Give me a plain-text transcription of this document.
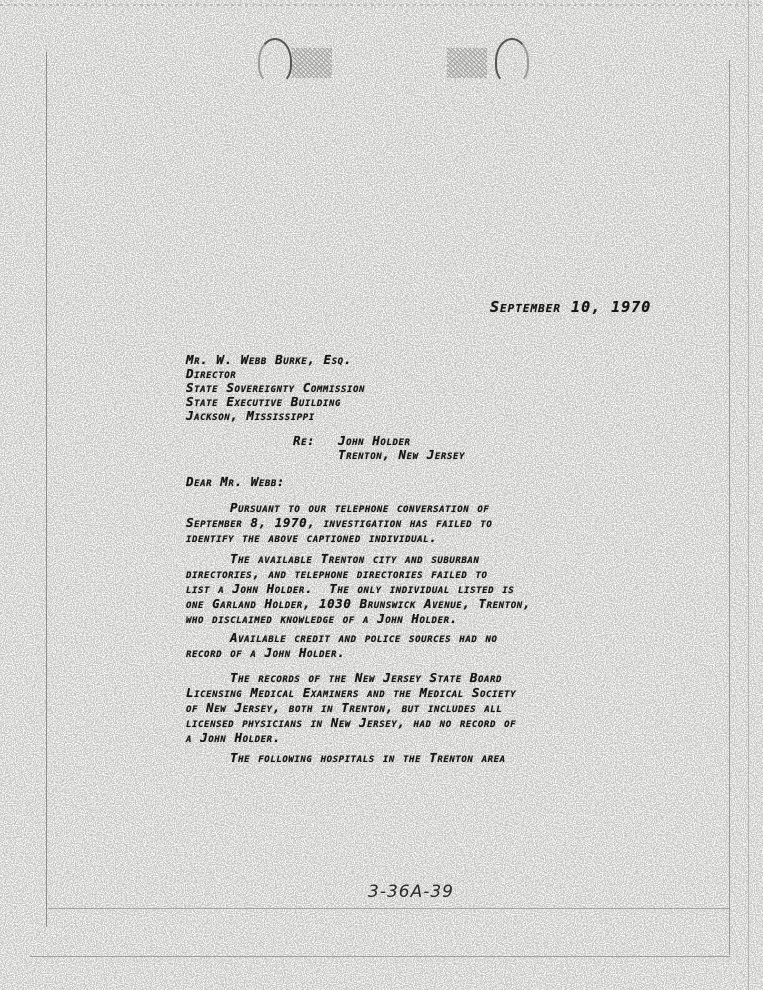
September 10, 1970
Mr. W. Webb Burke, Esq.
Director
State Sovereignty Commission
State Executive Building
Jackson, Mississippi
Re: John Holder
Trenton, New Jersey
Dear Mr. Webb:
Pursuant to our telephone conversation of
September 8, 1970, investigation has failed to
identify the above captioned individual.
The available Trenton city and suburban
directories, and telephone directories failed to
list a John Holder.  The only individual listed is
one Garland Holder, 1030 Brunswick Avenue, Trenton,
who disclaimed knowledge of a John Holder.
Available credit and police sources had no
record of a John Holder.
The records of the New Jersey State Board
Licensing Medical Examiners and the Medical Society
of New Jersey, both in Trenton, but includes all
licensed physicians in New Jersey, had no record of
a John Holder.
The following hospitals in the Trenton area
3-36A-39
